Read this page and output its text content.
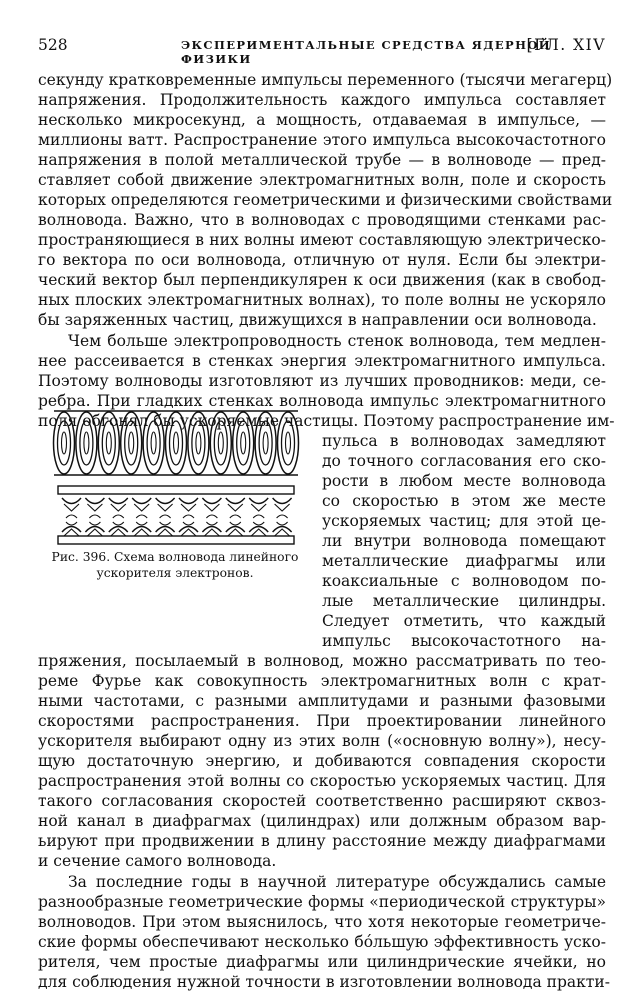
528	ЭКСПЕРИМЕНТАЛЬНЫЕ СРЕДСТВА ЯДЕРНОЙ ФИЗИКИ
[ГЛ. XIV
секунду кратковременные импульсы переменного (тысячи мегагерц)
напряжения. Продолжительность каждого импульса составляет
несколько микросекунд, а мощность, отдаваемая в импульсе, —
миллионы ватт. Распространение этого импульса высокочастотного
напряжения в полой металлической трубе — в волноводе — пред-
ставляет собой движение электромагнитных волн, поле и скорость
которых определяются геометрическими и физическими свойствами
волновода. Важно, что в волноводах с проводящими стенками рас-
пространяющиеся в них волны имеют составляющую электрическо-
го вектора по оси волновода, отличную от нуля. Если бы электри-
ческий вектор был перпендикулярен к оси движения (как в свобод-
ных плоских электромагнитных волнах), то поле волны не ускоряло
бы заряженных частиц, движущихся в направлении оси волновода.
Чем больше электропроводность стенок волновода, тем медлен-
нее рассеивается в стенках энергия электромагнитного импульса.
Поэтому волноводы изготовляют из лучших проводников: меди, се-
ребра. При гладких стенках волновода импульс электромагнитного
поля обгонял бы ускоряемые частицы. Поэтому распространение им-
пульса в волноводах замедляют
до точного согласования его ско-
рости в любом месте волновода
со скоростью в этом же месте
ускоряемых частиц; для этой це-
ли внутри волновода помещают
металлические диафрагмы или
коаксиальные с волноводом по-
лые металлические цилиндры.
Следует отметить, что каждый
импульс высокочастотного на-
пряжения, посылаемый в волновод, можно рассматривать по тео-
реме Фурье как совокупность электромагнитных волн с крат-
ными частотами, с разными амплитудами и разными фазовыми
скоростями распространения. При проектировании линейного
ускорителя выбирают одну из этих волн («основную волну»), несу-
щую достаточную энергию, и добиваются совпадения скорости
распространения этой волны со скоростью ускоряемых частиц. Для
такого согласования скоростей соответственно расширяют сквоз-
ной канал в диафрагмах (цилиндрах) или должным образом вар-
ьируют при продвижении в длину расстояние между диафрагмами
и сечение самого волновода.
За последние годы в научной литературе обсуждались самые
разнообразные геометрические формы «периодической структуры»
волноводов. При этом выяснилось, что хотя некоторые геометриче-
ские формы обеспечивают несколько бо́льшую эффективность уско-
рителя, чем простые диафрагмы или цилиндрические ячейки, но
для соблюдения нужной точности в изготовлении волновода практи-
Рис. 396. Схема волновода линейного
ускорителя электронов.
